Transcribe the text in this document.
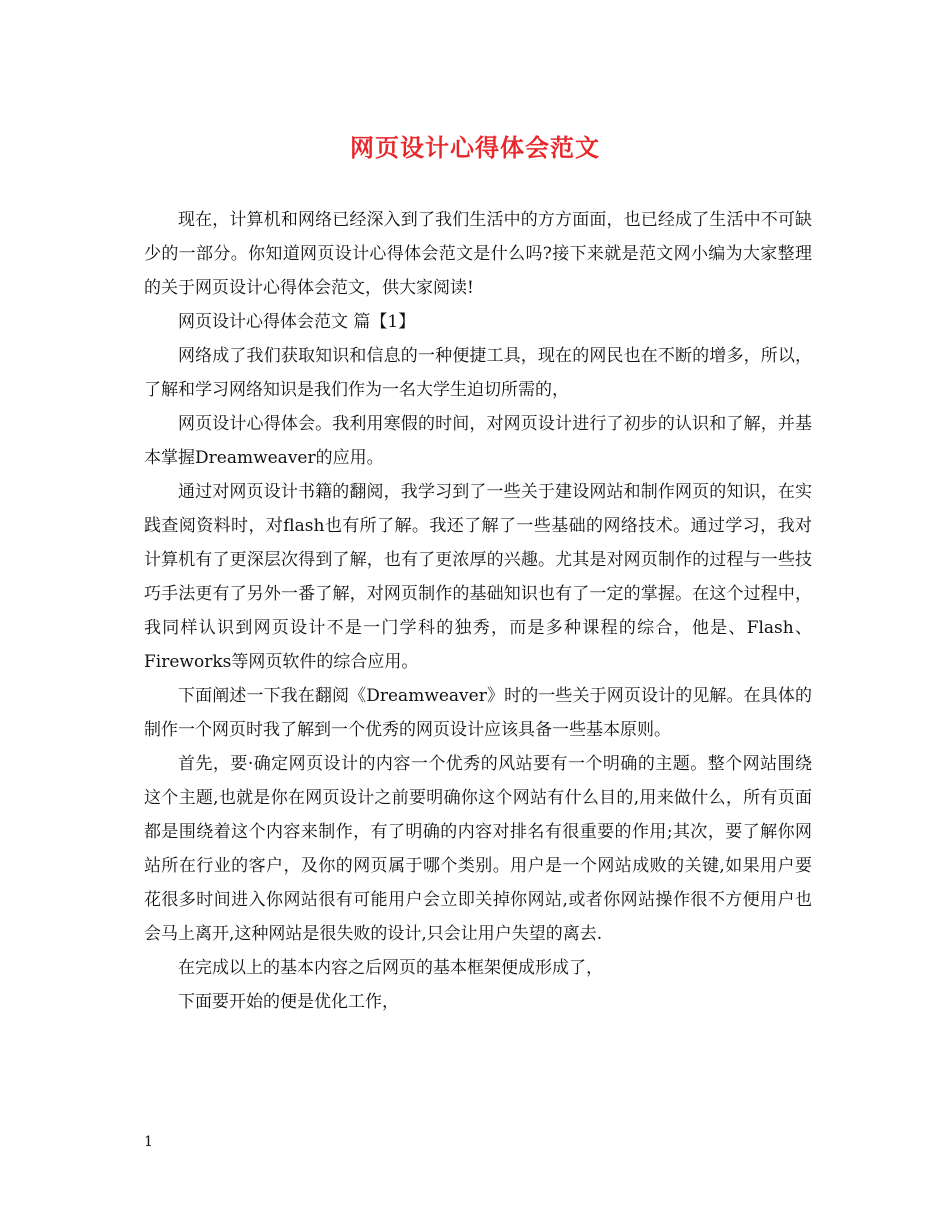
网页设计心得体会范文

现在，计算机和网络已经深入到了我们生活中的方方面面，也已经成了生活中不可缺少的一部分。你知道网页设计心得体会范文是什么吗?接下来就是范文网小编为大家整理的关于网页设计心得体会范文，供大家阅读!

网页设计心得体会范文 篇【1】

网络成了我们获取知识和信息的一种便捷工具，现在的网民也在不断的增多，所以，了解和学习网络知识是我们作为一名大学生迫切所需的，

网页设计心得体会。我利用寒假的时间，对网页设计进行了初步的认识和了解，并基本掌握Dreamweaver的应用。

通过对网页设计书籍的翻阅，我学习到了一些关于建设网站和制作网页的知识，在实践查阅资料时，对flash也有所了解。我还了解了一些基础的网络技术。通过学习，我对计算机有了更深层次得到了解，也有了更浓厚的兴趣。尤其是对网页制作的过程与一些技巧手法更有了另外一番了解，对网页制作的基础知识也有了一定的掌握。在这个过程中，我同样认识到网页设计不是一门学科的独秀，而是多种课程的综合，他是、Flash、Fireworks等网页软件的综合应用。

下面阐述一下我在翻阅《Dreamweaver》时的一些关于网页设计的见解。在具体的制作一个网页时我了解到一个优秀的网页设计应该具备一些基本原则。

首先，要·确定网页设计的内容一个优秀的风站要有一个明确的主题。整个网站围绕这个主题,也就是你在网页设计之前要明确你这个网站有什么目的,用来做什么，所有页面都是围绕着这个内容来制作，有了明确的内容对排名有很重要的作用;其次，要了解你网站所在行业的客户，及你的网页属于哪个类别。用户是一个网站成败的关键,如果用户要花很多时间进入你网站很有可能用户会立即关掉你网站,或者你网站操作很不方便用户也会马上离开,这种网站是很失败的设计,只会让用户失望的离去.

在完成以上的基本内容之后网页的基本框架便成形成了，

下面要开始的便是优化工作，

1
